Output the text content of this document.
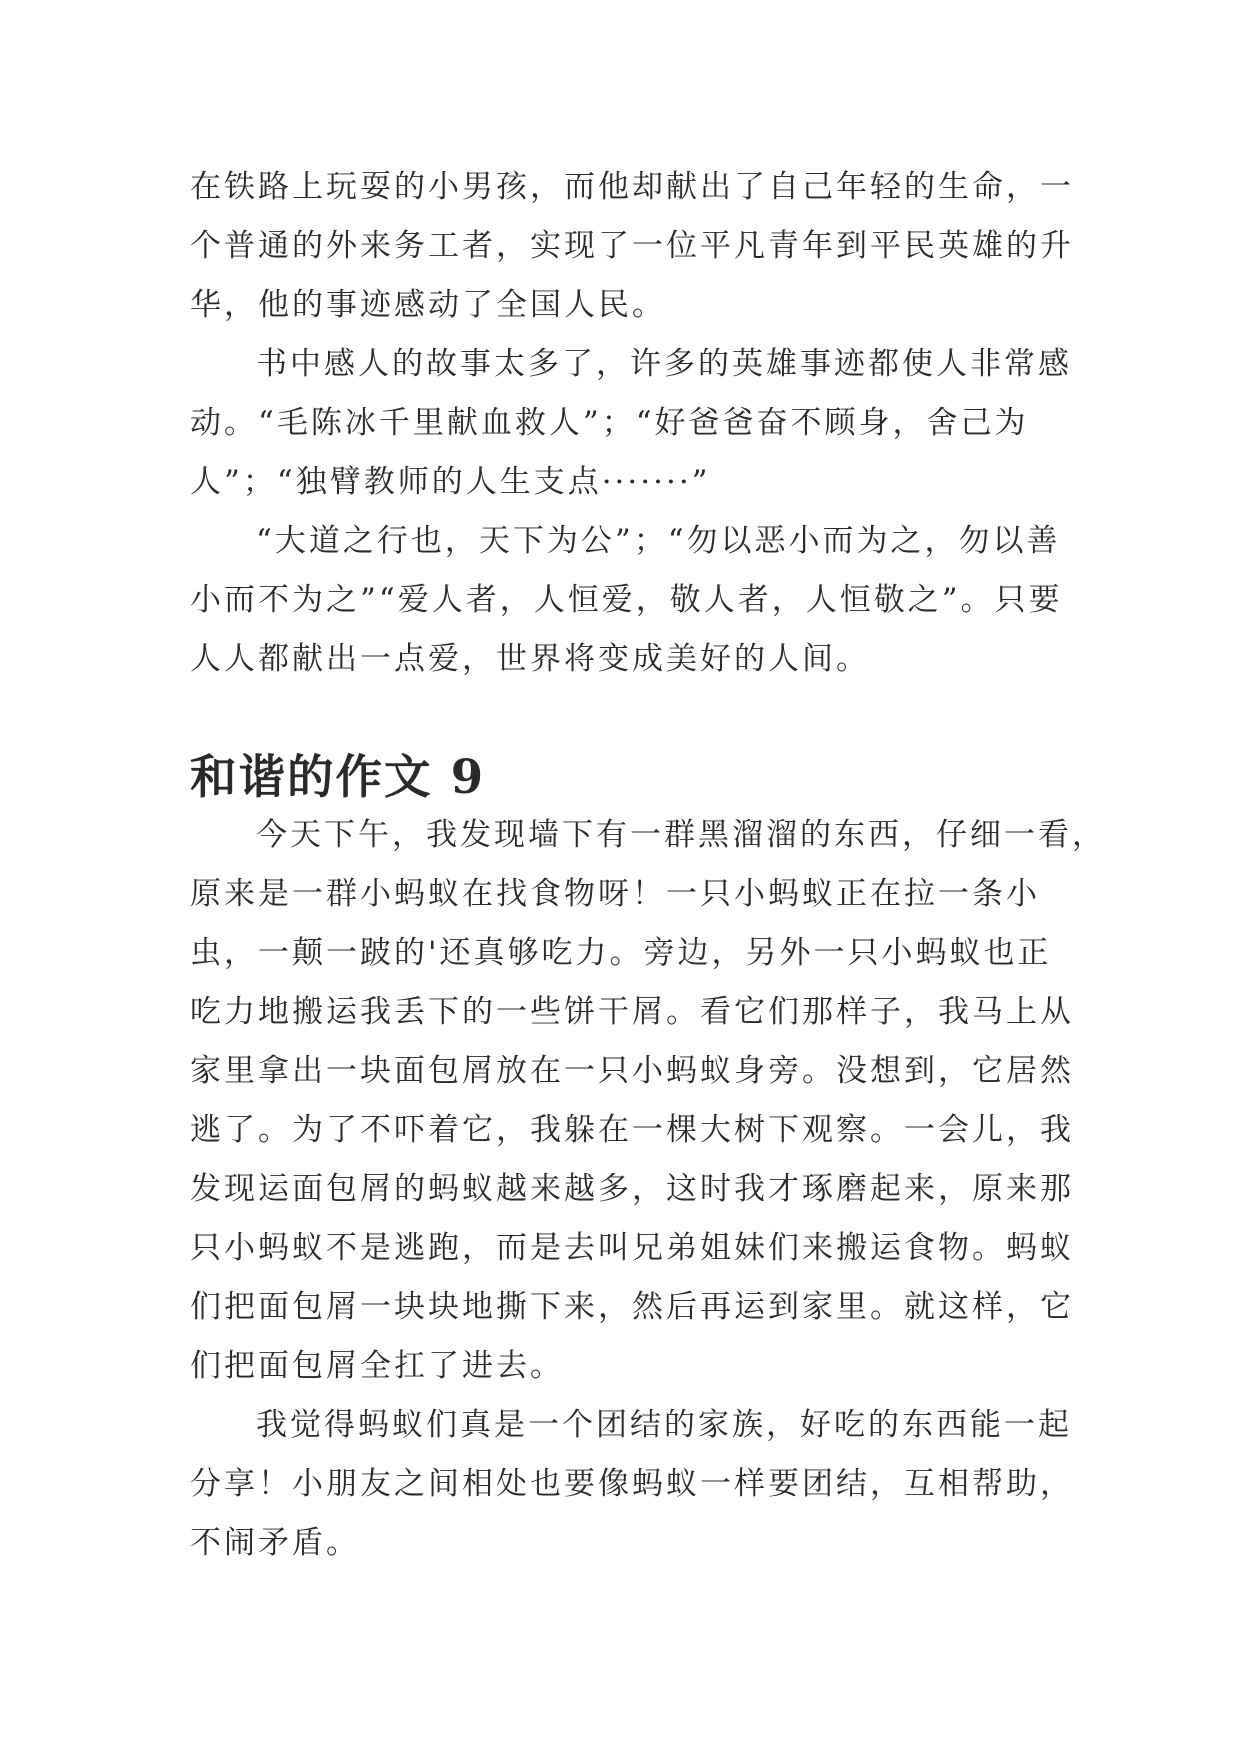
在铁路上玩耍的小男孩，而他却献出了自己年轻的生命，一
个普通的外来务工者，实现了一位平凡青年到平民英雄的升
华，他的事迹感动了全国人民。

书中感人的故事太多了，许多的英雄事迹都使人非常感
动。“毛陈冰千里献血救人”；“好爸爸奋不顾身，舍己为
人”；“独臂教师的人生支点·······”

“大道之行也，天下为公”；“勿以恶小而为之，勿以善
小而不为之”“爱人者，人恒爱，敬人者，人恒敬之”。只要
人人都献出一点爱，世界将变成美好的人间。

和谐的作文 9

今天下午，我发现墙下有一群黑溜溜的东西，仔细一看，
原来是一群小蚂蚁在找食物呀！一只小蚂蚁正在拉一条小
虫，一颠一跛的'还真够吃力。旁边，另外一只小蚂蚁也正
吃力地搬运我丢下的一些饼干屑。看它们那样子，我马上从
家里拿出一块面包屑放在一只小蚂蚁身旁。没想到，它居然
逃了。为了不吓着它，我躲在一棵大树下观察。一会儿，我
发现运面包屑的蚂蚁越来越多，这时我才琢磨起来，原来那
只小蚂蚁不是逃跑，而是去叫兄弟姐妹们来搬运食物。蚂蚁
们把面包屑一块块地撕下来，然后再运到家里。就这样，它
们把面包屑全扛了进去。

我觉得蚂蚁们真是一个团结的家族，好吃的东西能一起
分享！小朋友之间相处也要像蚂蚁一样要团结，互相帮助，
不闹矛盾。
